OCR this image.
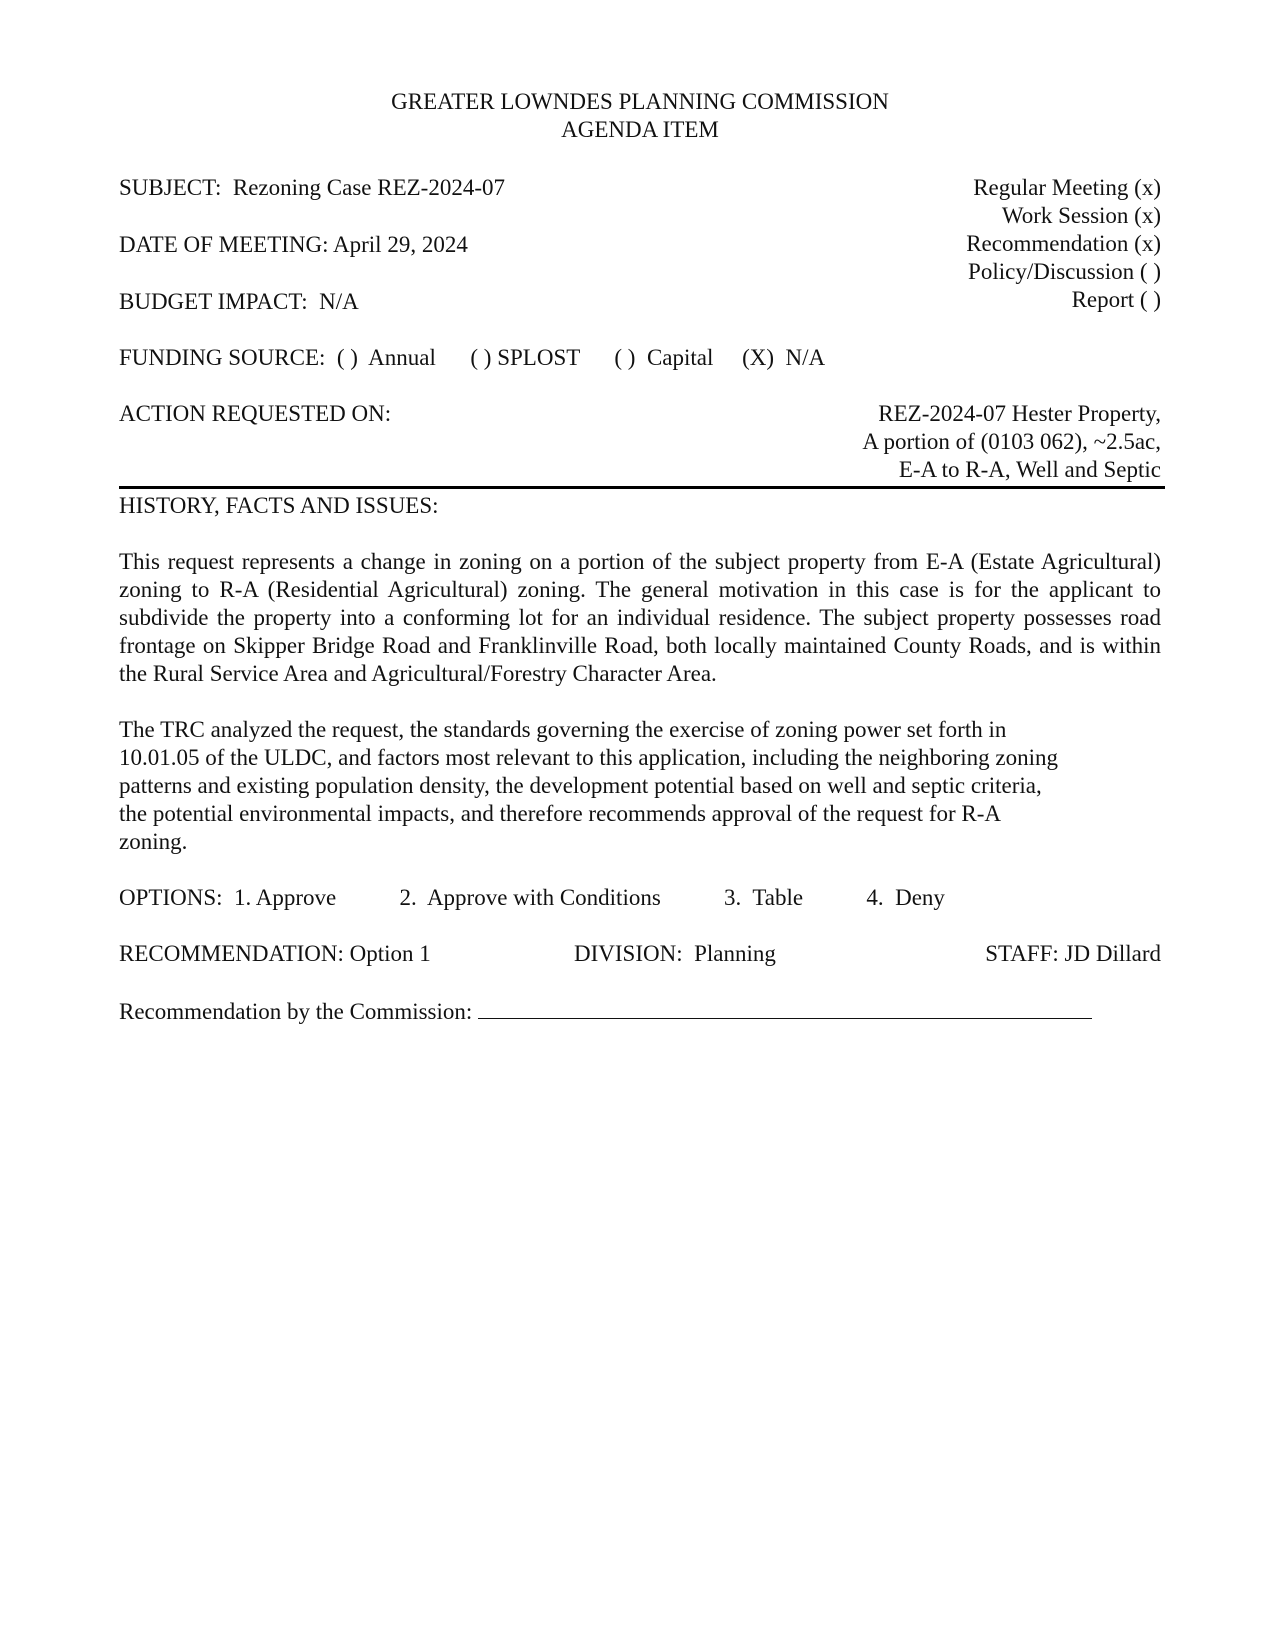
GREATER LOWNDES PLANNING COMMISSION
AGENDA ITEM
SUBJECT:  Rezoning Case REZ-2024-07
DATE OF MEETING: April 29, 2024
BUDGET IMPACT:  N/A
Regular Meeting (x)
Work Session (x)
Recommendation (x)
Policy/Discussion ( )
Report ( )
FUNDING SOURCE:  ( )  Annual      ( ) SPLOST      ( )  Capital     (X)  N/A
ACTION REQUESTED ON:	REZ-2024-07 Hester Property,
A portion of (0103 062), ~2.5ac,
E-A to R-A, Well and Septic
HISTORY, FACTS AND ISSUES:
This request represents a change in zoning on a portion of the subject property from E-A (Estate Agricultural) zoning to R-A (Residential Agricultural) zoning. The general motivation in this case is for the applicant to subdivide the property into a conforming lot for an individual residence. The subject property possesses road frontage on Skipper Bridge Road and Franklinville Road, both locally maintained County Roads, and is within the Rural Service Area and Agricultural/Forestry Character Area.
The TRC analyzed the request, the standards governing the exercise of zoning power set forth in
10.01.05 of the ULDC, and factors most relevant to this application, including the neighboring zoning
patterns and existing population density, the development potential based on well and septic criteria,
the potential environmental impacts, and therefore recommends approval of the request for R-A
zoning.
OPTIONS:  1. Approve           2.  Approve with Conditions           3.  Table           4.  Deny
RECOMMENDATION: Option 1	DIVISION:  Planning	STAFF: JD Dillard
Recommendation by the Commission:
